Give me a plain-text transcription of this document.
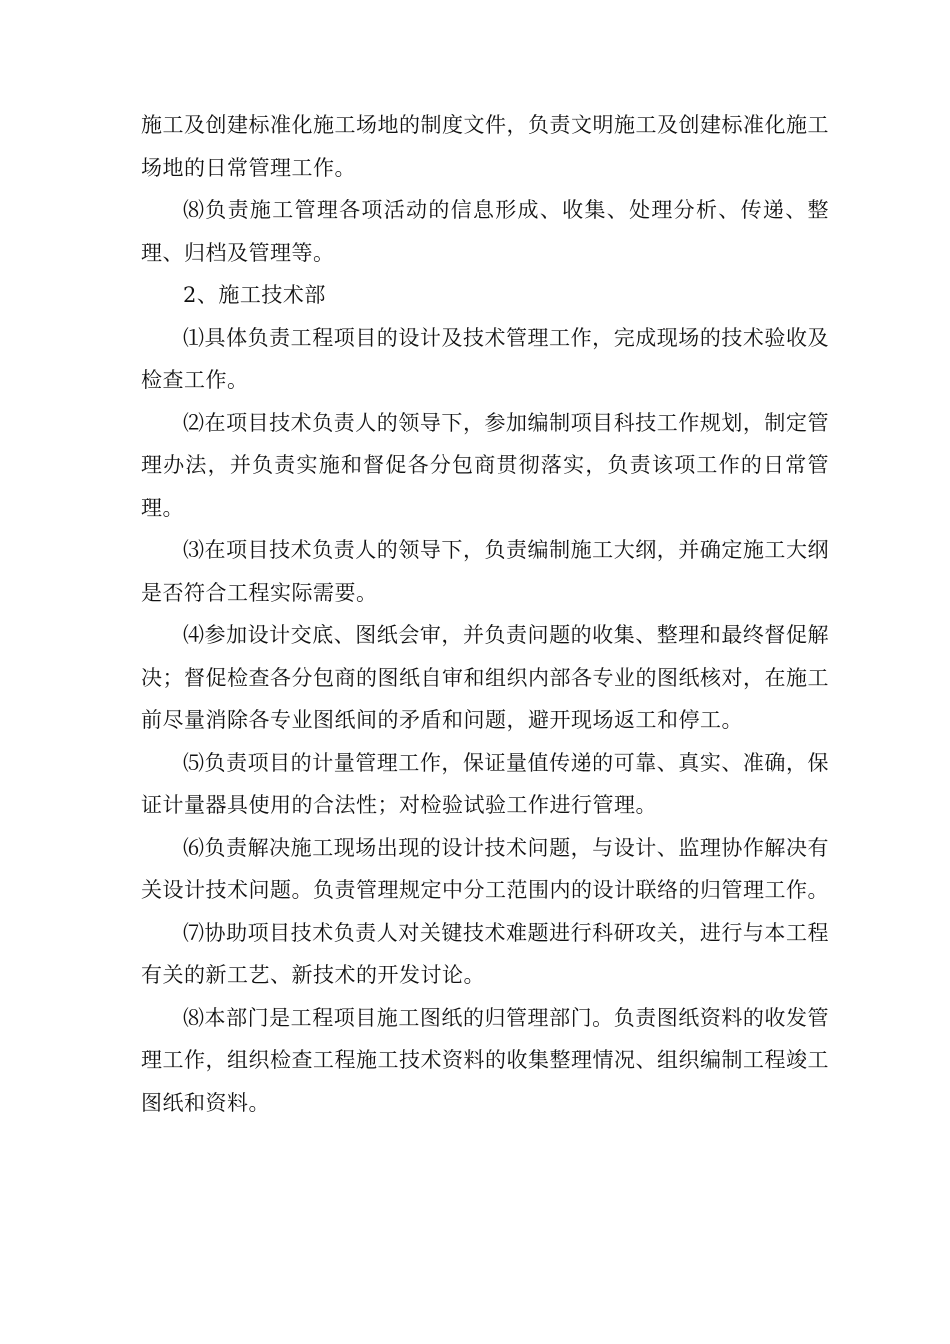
施工及创建标准化施工场地的制度文件，负责文明施工及创建标准化施工场地的日常管理工作。

⑻负责施工管理各项活动的信息形成、收集、处理分析、传递、整理、归档及管理等。

2、施工技术部

⑴具体负责工程项目的设计及技术管理工作，完成现场的技术验收及检查工作。

⑵在项目技术负责人的领导下，参加编制项目科技工作规划，制定管理办法，并负责实施和督促各分包商贯彻落实，负责该项工作的日常管理。

⑶在项目技术负责人的领导下，负责编制施工大纲，并确定施工大纲是否符合工程实际需要。

⑷参加设计交底、图纸会审，并负责问题的收集、整理和最终督促解决；督促检查各分包商的图纸自审和组织内部各专业的图纸核对，在施工前尽量消除各专业图纸间的矛盾和问题，避开现场返工和停工。

⑸负责项目的计量管理工作，保证量值传递的可靠、真实、准确，保证计量器具使用的合法性；对检验试验工作进行管理。

⑹负责解决施工现场出现的设计技术问题，与设计、监理协作解决有关设计技术问题。负责管理规定中分工范围内的设计联络的归管理工作。

⑺协助项目技术负责人对关键技术难题进行科研攻关，进行与本工程有关的新工艺、新技术的开发讨论。

⑻本部门是工程项目施工图纸的归管理部门。负责图纸资料的收发管理工作，组织检查工程施工技术资料的收集整理情况、组织编制工程竣工图纸和资料。
